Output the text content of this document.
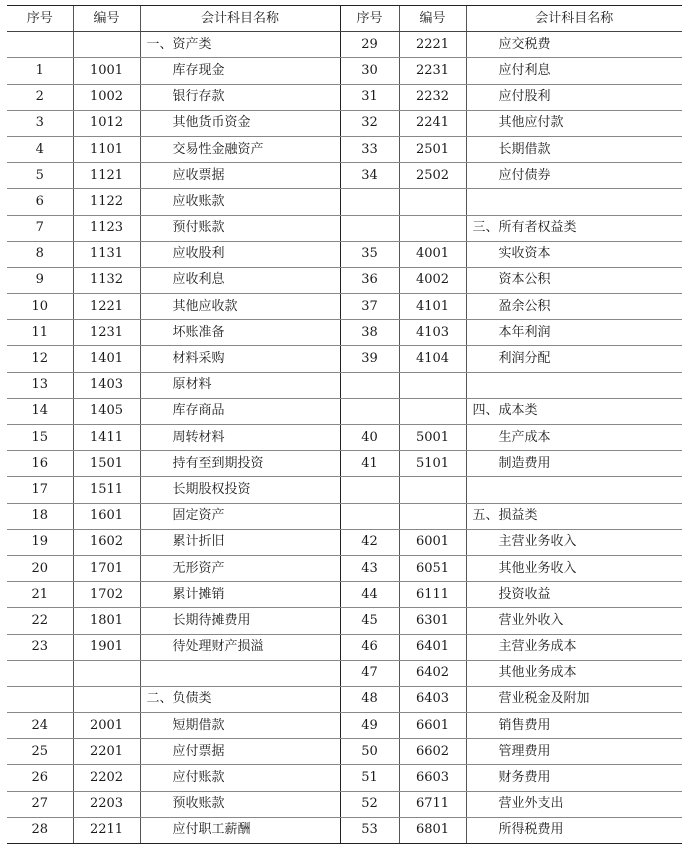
序号	编号	会计科目名称	序号	编号	会计科目名称
		一、资产类	29	2221	应交税费
1	1001	库存现金	30	2231	应付利息
2	1002	银行存款	31	2232	应付股利
3	1012	其他货币资金	32	2241	其他应付款
4	1101	交易性金融资产	33	2501	长期借款
5	1121	应收票据	34	2502	应付债券
6	1122	应收账款			
7	1123	预付账款			三、所有者权益类
8	1131	应收股利	35	4001	实收资本
9	1132	应收利息	36	4002	资本公积
10	1221	其他应收款	37	4101	盈余公积
11	1231	坏账准备	38	4103	本年利润
12	1401	材料采购	39	4104	利润分配
13	1403	原材料			
14	1405	库存商品			四、成本类
15	1411	周转材料	40	5001	生产成本
16	1501	持有至到期投资	41	5101	制造费用
17	1511	长期股权投资			
18	1601	固定资产			五、损益类
19	1602	累计折旧	42	6001	主营业务收入
20	1701	无形资产	43	6051	其他业务收入
21	1702	累计摊销	44	6111	投资收益
22	1801	长期待摊费用	45	6301	营业外收入
23	1901	待处理财产损溢	46	6401	主营业务成本
			47	6402	其他业务成本
		二、负债类	48	6403	营业税金及附加
24	2001	短期借款	49	6601	销售费用
25	2201	应付票据	50	6602	管理费用
26	2202	应付账款	51	6603	财务费用
27	2203	预收账款	52	6711	营业外支出
28	2211	应付职工薪酬	53	6801	所得税费用
